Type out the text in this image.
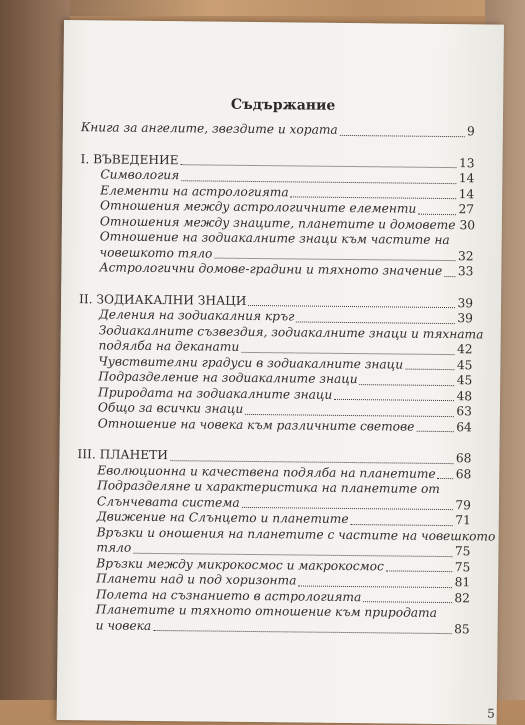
Съдържание
Книга за ангелите, звездите и хората	9
I. ВЪВЕДЕНИЕ	13
Симвология	14
Елементи на астрологията	14
Отношения между астрологичните елементи	27
Отношения между знаците, планетите и домовете 30
Отношение на зодиакалните знаци към частите на
човешкото тяло	32
Астрологични домове-градини и тяхното значение 33
II. ЗОДИАКАЛНИ ЗНАЦИ	39
Деления на зодиакалния кръг	39
Зодиакалните съзвездия, зодиакалните знаци и тяхната
подялба на деканати	42
Чувствителни градуси в зодиакалните знаци	45
Подразделение на зодиакалните знаци	45
Природата на зодиакалните знаци	48
Общо за всички знаци	63
Отношение на човека към различните светове	64
III. ПЛАНЕТИ	68
Еволюционна и качествена подялба на планетите 68
Подразделяне и характеристика на планетите от
Слънчевата система	79
Движение на Слънцето и планетите	71
Връзки и оношения на планетите с частите на човешкото
тяло	75
Връзки между микрокосмос и макрокосмос	75
Планети над и под хоризонта	81
Полета на съзнанието в астрологията	82
Планетите и тяхното отношение към природата
и човека	85
5
